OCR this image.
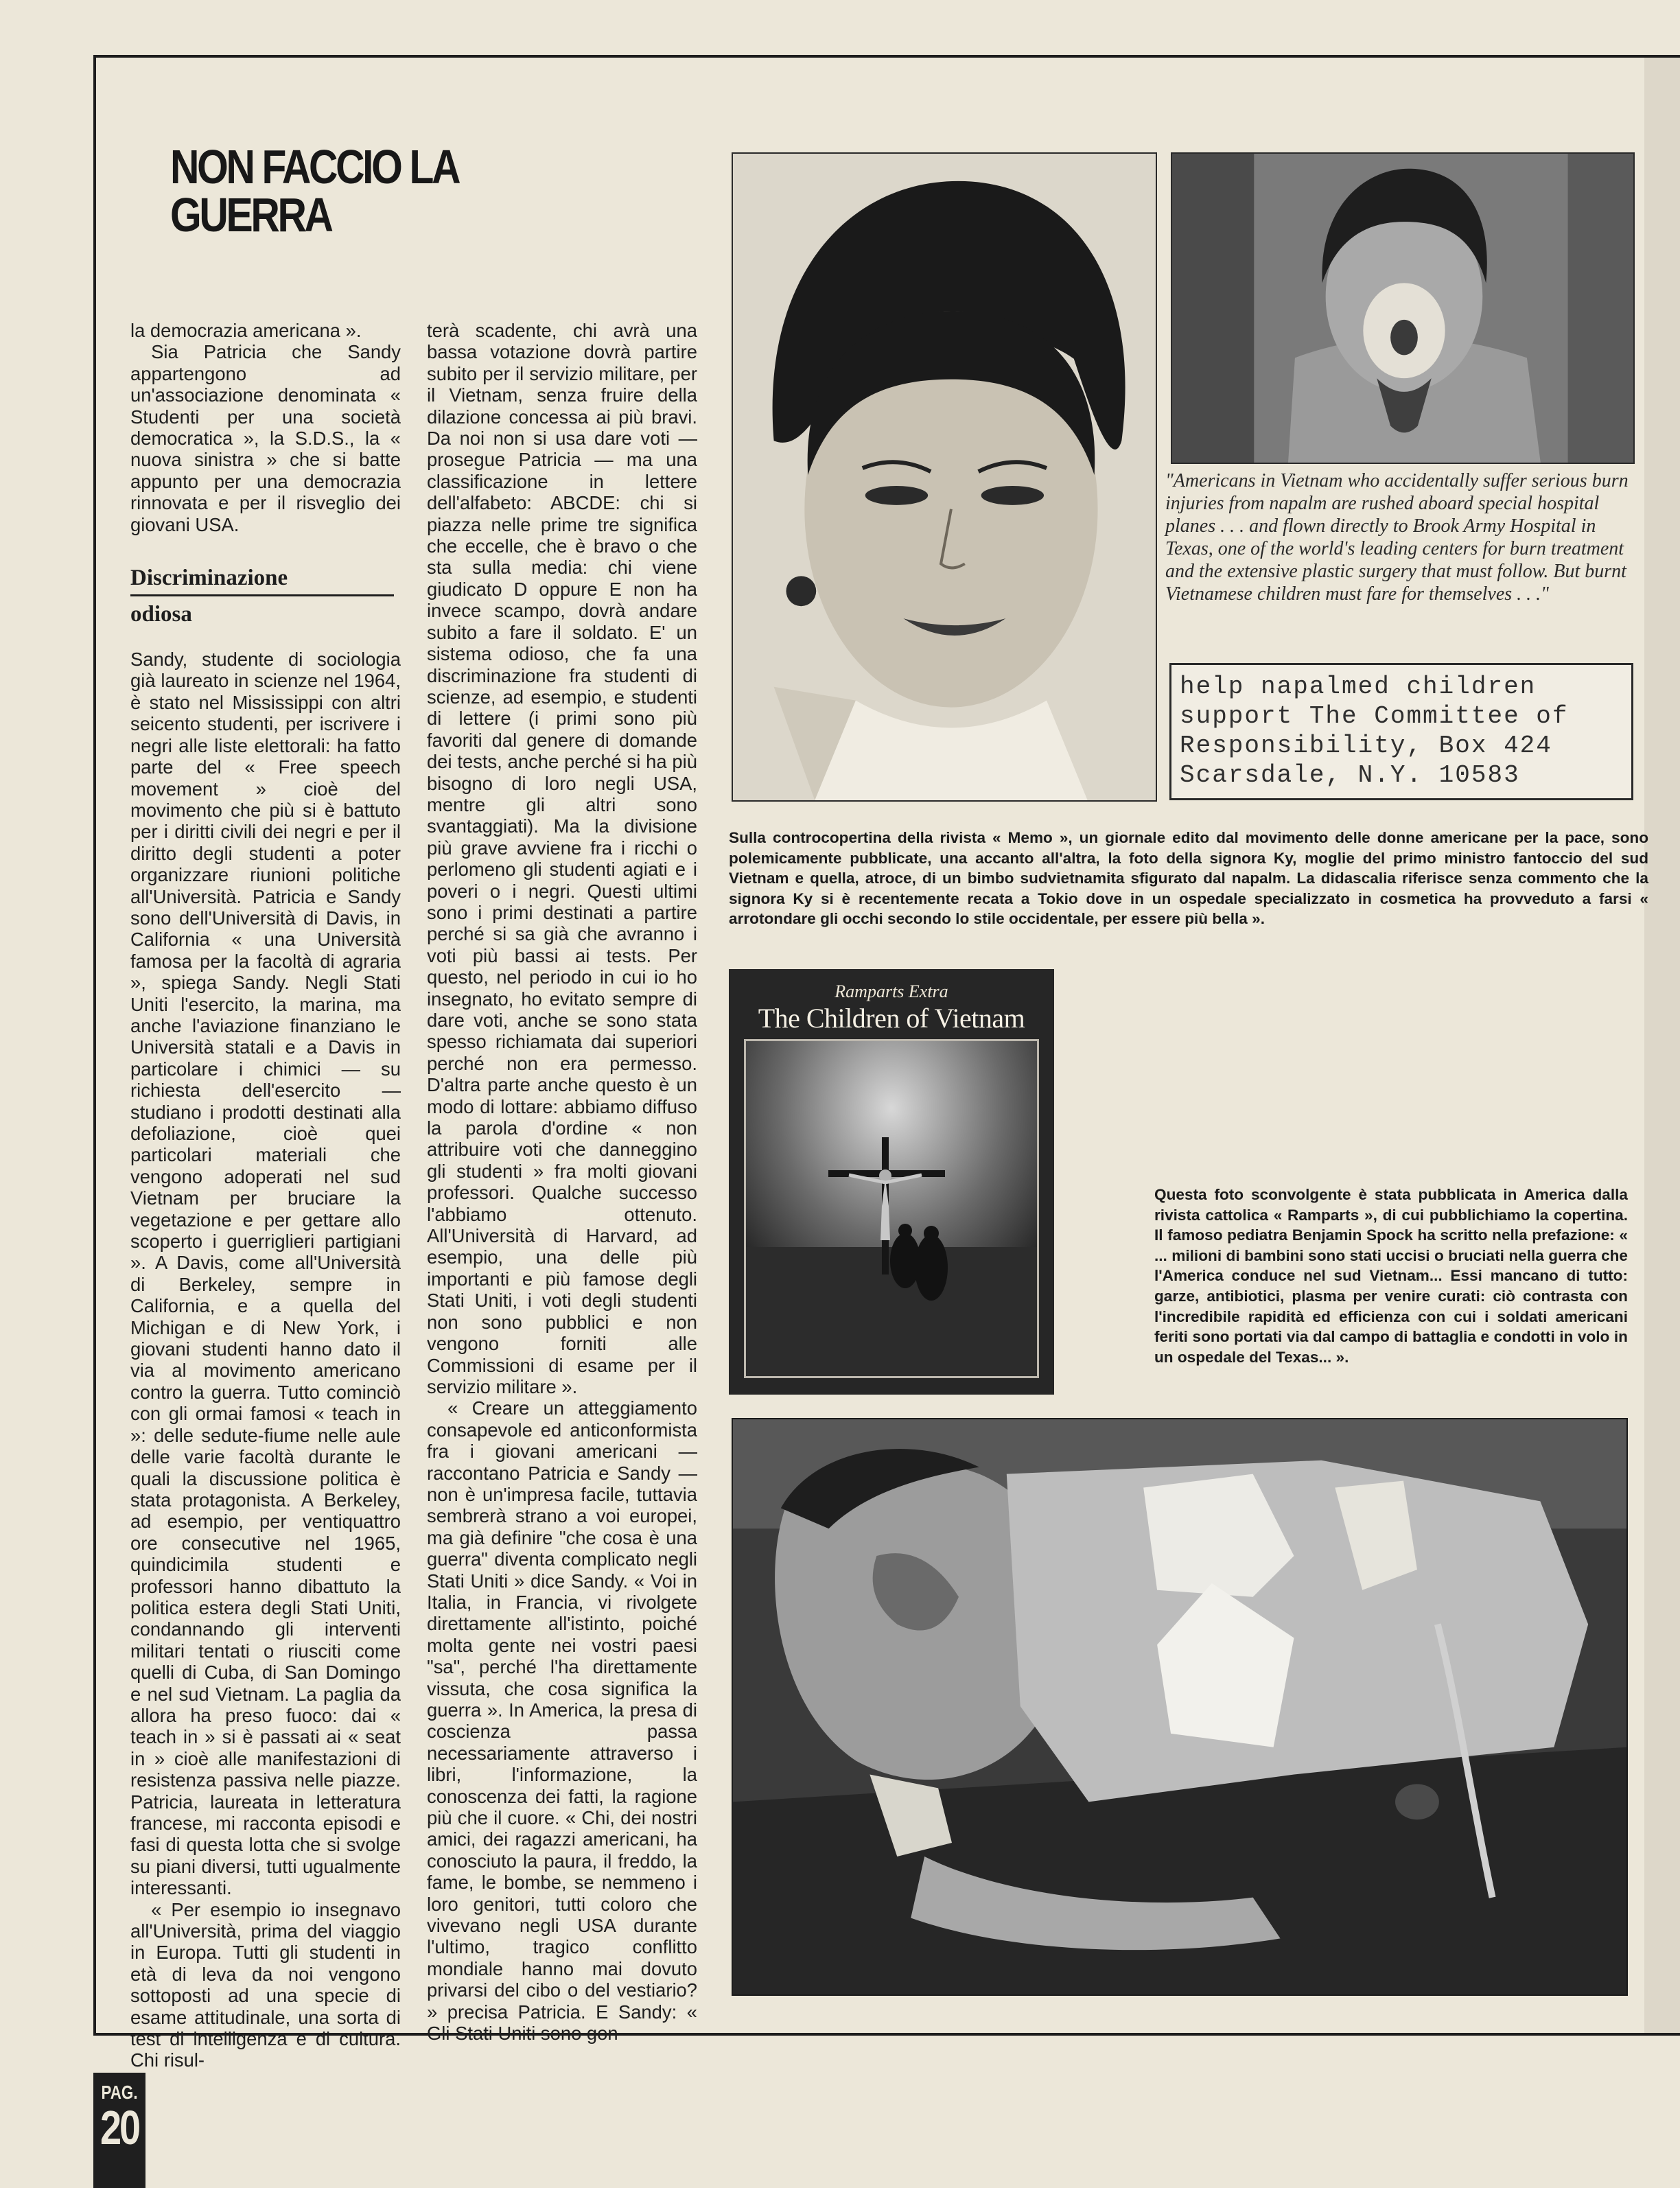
NON FACCIO LA GUERRA

la democrazia americana ».

Sia Patricia che Sandy appartengono ad un'associazione denominata « Studenti per una società democratica », la S.D.S., la « nuova sinistra » che si batte appunto per una democrazia rinnovata e per il risveglio dei giovani USA.

Discriminazione
odiosa

Sandy, studente di sociologia già laureato in scienze nel 1964, è stato nel Mississippi con altri seicento studenti, per iscrivere i negri alle liste elettorali: ha fatto parte del « Free speech movement » cioè del movimento che più si è battuto per i diritti civili dei negri e per il diritto degli studenti a poter organizzare riunioni politiche all'Università. Patricia e Sandy sono dell'Università di Davis, in California « una Università famosa per la facoltà di agraria », spiega Sandy. Negli Stati Uniti l'esercito, la marina, ma anche l'aviazione finanziano le Università statali e a Davis in particolare i chimici — su richiesta dell'esercito — studiano i prodotti destinati alla defoliazione, cioè quei particolari materiali che vengono adoperati nel sud Vietnam per bruciare la vegetazione e per gettare allo scoperto i guerriglieri partigiani ». A Davis, come all'Università di Berkeley, sempre in California, e a quella del Michigan e di New York, i giovani studenti hanno dato il via al movimento americano contro la guerra. Tutto cominciò con gli ormai famosi « teach in »: delle sedute-fiume nelle aule delle varie facoltà durante le quali la discussione politica è stata protagonista. A Berkeley, ad esempio, per ventiquattro ore consecutive nel 1965, quindicimila studenti e professori hanno dibattuto la politica estera degli Stati Uniti, condannando gli interventi militari tentati o riusciti come quelli di Cuba, di San Domingo e nel sud Vietnam. La paglia da allora ha preso fuoco: dai « teach in » si è passati ai « seat in » cioè alle manifestazioni di resistenza passiva nelle piazze. Patricia, laureata in letteratura francese, mi racconta episodi e fasi di questa lotta che si svolge su piani diversi, tutti ugualmente interessanti.

« Per esempio io insegnavo all'Università, prima del viaggio in Europa. Tutti gli studenti in età di leva da noi vengono sottoposti ad una specie di esame attitudinale, una sorta di test di intelligenza e di cultura. Chi risul-

terà scadente, chi avrà una bassa votazione dovrà partire subito per il servizio militare, per il Vietnam, senza fruire della dilazione concessa ai più bravi. Da noi non si usa dare voti — prosegue Patricia — ma una classificazione in lettere dell'alfabeto: ABCDE: chi si piazza nelle prime tre significa che eccelle, che è bravo o che sta sulla media: chi viene giudicato D oppure E non ha invece scampo, dovrà andare subito a fare il soldato. E' un sistema odioso, che fa una discriminazione fra studenti di scienze, ad esempio, e studenti di lettere (i primi sono più favoriti dal genere di domande dei tests, anche perché si ha più bisogno di loro negli USA, mentre gli altri sono svantaggiati). Ma la divisione più grave avviene fra i ricchi o perlomeno gli studenti agiati e i poveri o i negri. Questi ultimi sono i primi destinati a partire perché si sa già che avranno i voti più bassi ai tests. Per questo, nel periodo in cui io ho insegnato, ho evitato sempre di dare voti, anche se sono stata spesso richiamata dai superiori perché non era permesso. D'altra parte anche questo è un modo di lottare: abbiamo diffuso la parola d'ordine « non attribuire voti che danneggino gli studenti » fra molti giovani professori. Qualche successo l'abbiamo ottenuto. All'Università di Harvard, ad esempio, una delle più importanti e più famose degli Stati Uniti, i voti degli studenti non sono pubblici e non vengono forniti alle Commissioni di esame per il servizio militare ».

« Creare un atteggiamento consapevole ed anticonformista fra i giovani americani — raccontano Patricia e Sandy — non è un'impresa facile, tuttavia sembrerà strano a voi europei, ma già definire "che cosa è una guerra" diventa complicato negli Stati Uniti » dice Sandy. « Voi in Italia, in Francia, vi rivolgete direttamente all'istinto, poiché molta gente nei vostri paesi "sa", perché l'ha direttamente vissuta, che cosa significa la guerra ». In America, la presa di coscienza passa necessariamente attraverso i libri, l'informazione, la conoscenza dei fatti, la ragione più che il cuore. « Chi, dei nostri amici, dei ragazzi americani, ha conosciuto la paura, il freddo, la fame, le bombe, se nemmeno i loro genitori, tutti coloro che vivevano negli USA durante l'ultimo, tragico conflitto mondiale hanno mai dovuto privarsi del cibo o del vestiario? » precisa Patricia. E Sandy: « Gli Stati Uniti sono gon-

"Americans in Vietnam who accidentally suffer serious burn injuries from napalm are rushed aboard special hospital planes . . . and flown directly to Brook Army Hospital in Texas, one of the world's leading centers for burn treatment and the extensive plastic surgery that must follow. But burnt Vietnamese children must fare for themselves . . ."
help napalmed children
support The Committee of
Responsibility, Box 424
Scarsdale, N.Y. 10583
Sulla controcopertina della rivista « Memo », un giornale edito dal movimento delle donne americane per la pace, sono polemicamente pubblicate, una accanto all'altra, la foto della signora Ky, moglie del primo ministro fantoccio del sud Vietnam e quella, atroce, di un bimbo sudvietnamita sfigurato dal napalm. La didascalia riferisce senza commento che la signora Ky si è recentemente recata a Tokio dove in un ospedale specializzato in cosmetica ha provveduto a farsi « arrotondare gli occhi secondo lo stile occidentale, per essere più bella ».
Ramparts Extra
The Children of Vietnam
Questa foto sconvolgente è stata pubblicata in America dalla rivista cattolica « Ramparts », di cui pubblichiamo la copertina. Il famoso pediatra Benjamin Spock ha scritto nella prefazione: « ... milioni di bambini sono stati uccisi o bruciati nella guerra che l'America conduce nel sud Vietnam... Essi mancano di tutto: garze, antibiotici, plasma per venire curati: ciò contrasta con l'incredibile rapidità ed efficienza con cui i soldati americani feriti sono portati via dal campo di battaglia e condotti in volo in un ospedale del Texas... ».
PAG.
20
